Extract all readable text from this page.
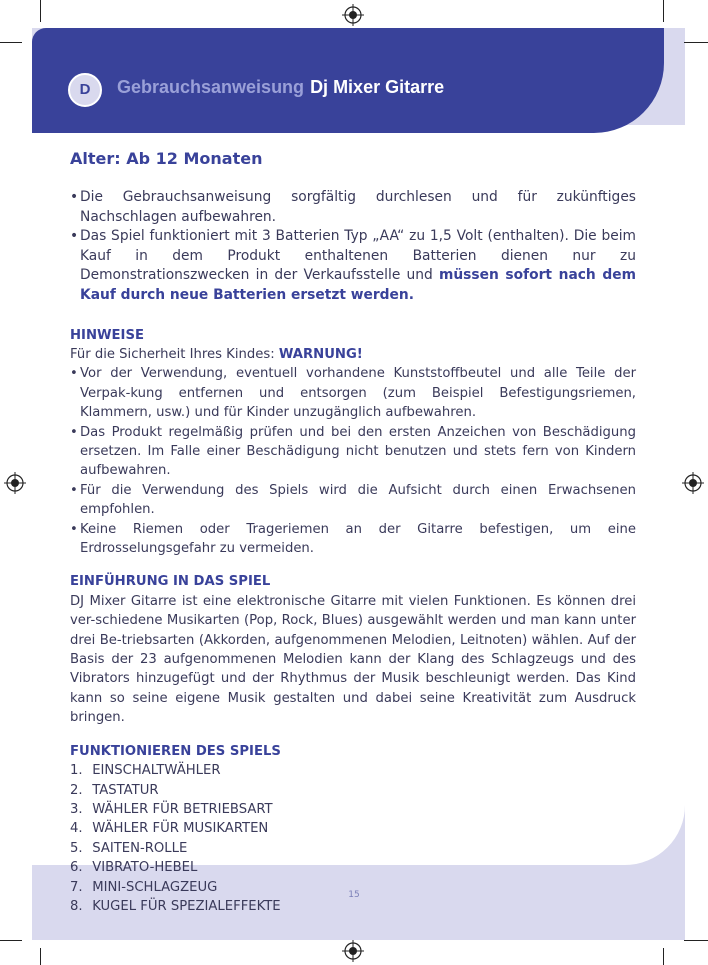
D	Gebrauchsanweisung Dj Mixer Gitarre
Alter: Ab 12 Monaten
• Die Gebrauchsanweisung sorgfältig durchlesen und für zukünftiges Nachschlagen aufbewahren.
• Das Spiel funktioniert mit 3 Batterien Typ „AA“ zu 1,5 Volt (enthalten). Die beim Kauf in dem Produkt enthaltenen Batterien dienen nur zu Demonstrationszwecken in der Verkaufsstelle und müssen sofort nach dem Kauf durch neue Batterien ersetzt werden.

HINWEISE

Für die Sicherheit Ihres Kindes: WARNUNG!

• Vor der Verwendung, eventuell vorhandene Kunststoffbeutel und alle Teile der Verpak-kung entfernen und entsorgen (zum Beispiel Befestigungsriemen, Klammern, usw.) und für Kinder unzugänglich aufbewahren.
• Das Produkt regelmäßig prüfen und bei den ersten Anzeichen von Beschädigung ersetzen. Im Falle einer Beschädigung nicht benutzen und stets fern von Kindern aufbewahren.
• Für die Verwendung des Spiels wird die Aufsicht durch einen Erwachsenen empfohlen.
• Keine Riemen oder Trageriemen an der Gitarre befestigen, um eine Erdrosselungsgefahr zu vermeiden.

EINFÜHRUNG IN DAS SPIEL

DJ Mixer Gitarre ist eine elektronische Gitarre mit vielen Funktionen. Es können drei ver-schiedene Musikarten (Pop, Rock, Blues) ausgewählt werden und man kann unter drei Be-triebsarten (Akkorden, aufgenommenen Melodien, Leitnoten) wählen. Auf der Basis der 23 aufgenommenen Melodien kann der Klang des Schlagzeugs und des Vibrators hinzugefügt und der Rhythmus der Musik beschleunigt werden. Das Kind kann so seine eigene Musik gestalten und dabei seine Kreativität zum Ausdruck bringen.

FUNKTIONIEREN DES SPIELS

1. EINSCHALTWÄHLER
2. TASTATUR
3. WÄHLER FÜR BETRIEBSART
4. WÄHLER FÜR MUSIKARTEN
5. SAITEN-ROLLE
6. VIBRATO-HEBEL
7. MINI-SCHLAGZEUG
8. KUGEL FÜR SPEZIALEFFEKTE
15
